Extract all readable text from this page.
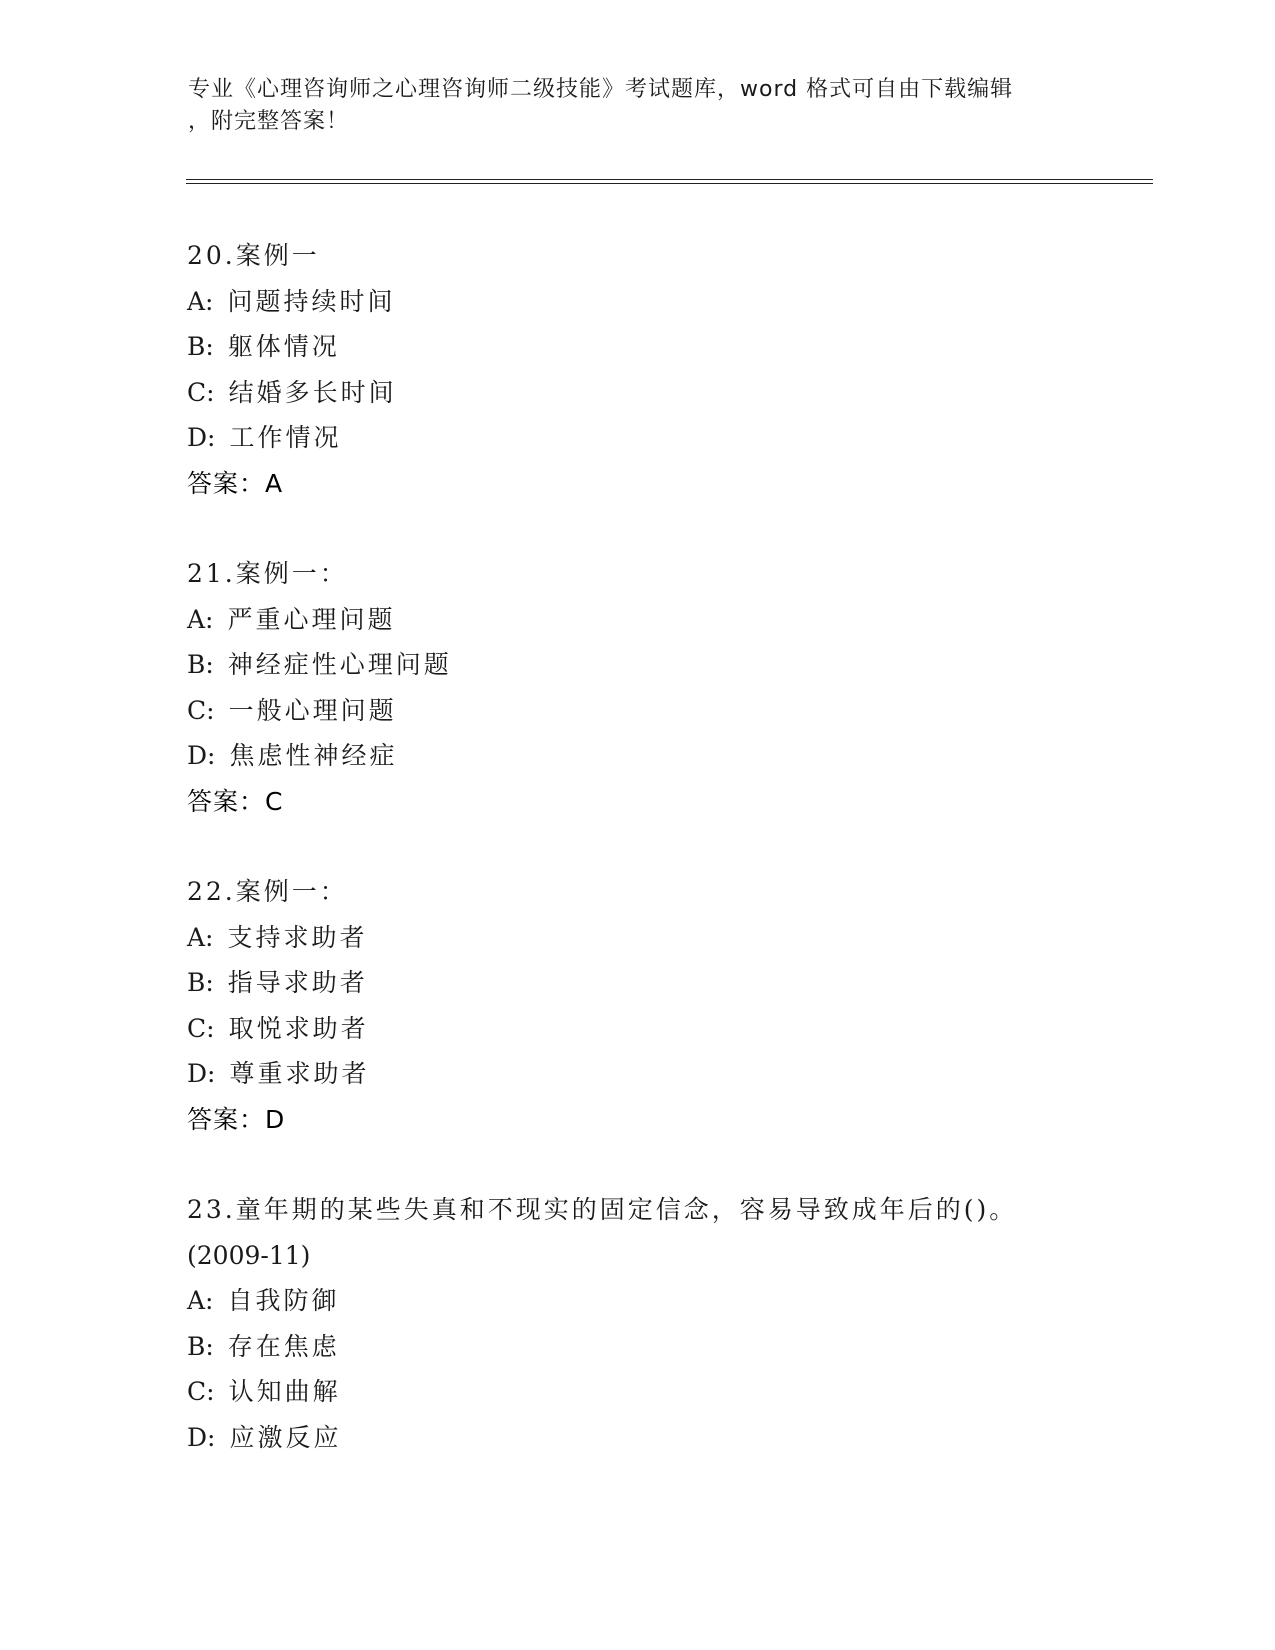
专业《心理咨询师之心理咨询师二级技能》考试题库，word 格式可自由下载编辑
，附完整答案！
20.案例一
A: 问题持续时间
B: 躯体情况
C: 结婚多长时间
D: 工作情况
答案：A
21.案例一：
A: 严重心理问题
B: 神经症性心理问题
C: 一般心理问题
D: 焦虑性神经症
答案：C
22.案例一：
A: 支持求助者
B: 指导求助者
C: 取悦求助者
D: 尊重求助者
答案：D
23.童年期的某些失真和不现实的固定信念，容易导致成年后的()。
(2009-11)
A: 自我防御
B: 存在焦虑
C: 认知曲解
D: 应激反应
